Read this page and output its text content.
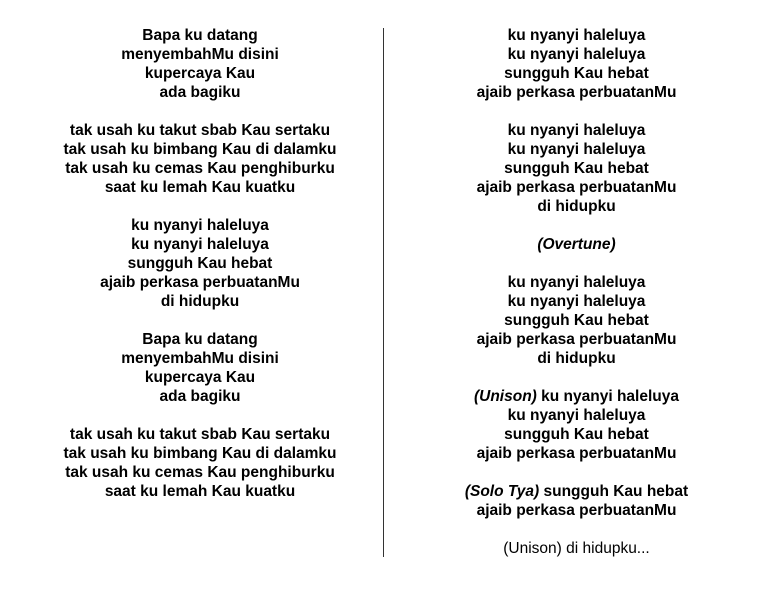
Bapa ku datang
menyembahMu disini
kupercaya Kau
ada bagiku
tak usah ku takut sbab Kau sertaku
tak usah ku bimbang Kau di dalamku
tak usah ku cemas Kau penghiburku
saat ku lemah Kau kuatku
ku nyanyi haleluya
ku nyanyi haleluya
sungguh Kau hebat
ajaib perkasa perbuatanMu
di hidupku
Bapa ku datang
menyembahMu disini
kupercaya Kau
ada bagiku
tak usah ku takut sbab Kau sertaku
tak usah ku bimbang Kau di dalamku
tak usah ku cemas Kau penghiburku
saat ku lemah Kau kuatku
ku nyanyi haleluya
ku nyanyi haleluya
sungguh Kau hebat
ajaib perkasa perbuatanMu
ku nyanyi haleluya
ku nyanyi haleluya
sungguh Kau hebat
ajaib perkasa perbuatanMu
di hidupku
(Overtune)
ku nyanyi haleluya
ku nyanyi haleluya
sungguh Kau hebat
ajaib perkasa perbuatanMu
di hidupku
(Unison) ku nyanyi haleluya
ku nyanyi haleluya
sungguh Kau hebat
ajaib perkasa perbuatanMu
(Solo Tya) sungguh Kau hebat
ajaib perkasa perbuatanMu
(Unison) di hidupku...
